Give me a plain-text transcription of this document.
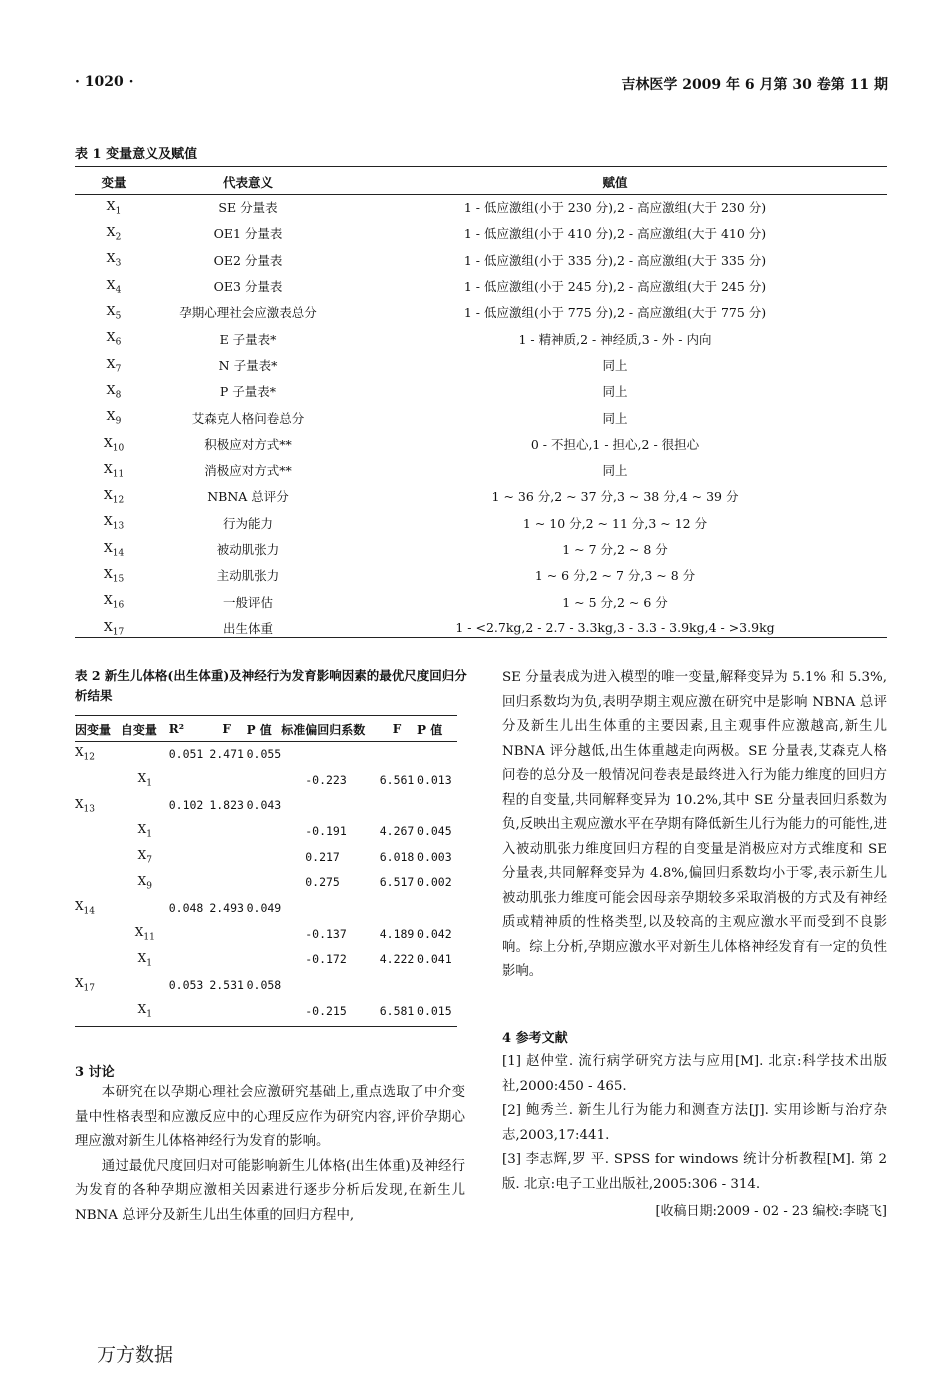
· 1020 ·	吉林医学 2009 年 6 月第 30 卷第 11 期
表 1 变量意义及赋值
变量	代表意义	赋值
$X_1$	SE 分量表	1 - 低应激组(小于 230 分),2 - 高应激组(大于 230 分)
$X_2$	OE1 分量表	1 - 低应激组(小于 410 分),2 - 高应激组(大于 410 分)
$X_3$	OE2 分量表	1 - 低应激组(小于 335 分),2 - 高应激组(大于 335 分)
$X_4$	OE3 分量表	1 - 低应激组(小于 245 分),2 - 高应激组(大于 245 分)
$X_5$	孕期心理社会应激表总分	1 - 低应激组(小于 775 分),2 - 高应激组(大于 775 分)
$X_6$	E 子量表*	1 - 精神质,2 - 神经质,3 - 外 - 内向
$X_7$	N 子量表*	同上
$X_8$	P 子量表*	同上
$X_9$	艾森克人格问卷总分	同上
$X_{10}$	积极应对方式**	0 - 不担心,1 - 担心,2 - 很担心
$X_{11}$	消极应对方式**	同上
$X_{12}$	NBNA 总评分	1 ~ 36 分,2 ~ 37 分,3 ~ 38 分,4 ~ 39 分
$X_{13}$	行为能力	1 ~ 10 分,2 ~ 11 分,3 ~ 12 分
$X_{14}$	被动肌张力	1 ~ 7 分,2 ~ 8 分
$X_{15}$	主动肌张力	1 ~ 6 分,2 ~ 7 分,3 ~ 8 分
$X_{16}$	一般评估	1 ~ 5 分,2 ~ 6 分
$X_{17}$	出生体重	1 - <2.7kg,2 - 2.7 - 3.3kg,3 - 3.3 - 3.9kg,4 - >3.9kg
表 2 新生儿体格(出生体重)及神经行为发育影响因素的最优尺度回归分析结果
因变量	自变量	R²	F	P 值	标准偏回归系数	F	P 值
$X_{12}$		0.051	2.471	0.055			
	$X_1$				-0.223	6.561	0.013
$X_{13}$		0.102	1.823	0.043			
	$X_1$				-0.191	4.267	0.045
	$X_7$				0.217	6.018	0.003
	$X_9$				0.275	6.517	0.002
$X_{14}$		0.048	2.493	0.049			
	$X_{11}$				-0.137	4.189	0.042
	$X_1$				-0.172	4.222	0.041
$X_{17}$		0.053	2.531	0.058			
	$X_1$				-0.215	6.581	0.015
3 讨论

本研究在以孕期心理社会应激研究基础上,重点选取了中介变量中性格表型和应激反应中的心理反应作为研究内容,评价孕期心理应激对新生儿体格神经行为发育的影响。

通过最优尺度回归对可能影响新生儿体格(出生体重)及神经行为发育的各种孕期应激相关因素进行逐步分析后发现,在新生儿 NBNA 总评分及新生儿出生体重的回归方程中,

SE 分量表成为进入模型的唯一变量,解释变异为 5.1% 和 5.3%,回归系数均为负,表明孕期主观应激在研究中是影响 NBNA 总评分及新生儿出生体重的主要因素,且主观事件应激越高,新生儿 NBNA 评分越低,出生体重越走向两极。SE 分量表,艾森克人格问卷的总分及一般情况问卷表是最终进入行为能力维度的回归方程的自变量,共同解释变异为 10.2%,其中 SE 分量表回归系数为负,反映出主观应激水平在孕期有降低新生儿行为能力的可能性,进入被动肌张力维度回归方程的自变量是消极应对方式维度和 SE 分量表,共同解释变异为 4.8%,偏回归系数均小于零,表示新生儿被动肌张力维度可能会因母亲孕期较多采取消极的方式及有神经质或精神质的性格类型,以及较高的主观应激水平而受到不良影响。综上分析,孕期应激水平对新生儿体格神经发育有一定的负性影响。

4 参考文献

[1] 赵仲堂. 流行病学研究方法与应用[M]. 北京:科学技术出版社,2000:450 - 465.

[2] 鲍秀兰. 新生儿行为能力和测查方法[J]. 实用诊断与治疗杂志,2003,17:441.

[3] 李志辉,罗 平. SPSS for windows 统计分析教程[M]. 第 2 版. 北京:电子工业出版社,2005:306 - 314.

[收稿日期:2009 - 02 - 23 编校:李晓飞]
万方数据
